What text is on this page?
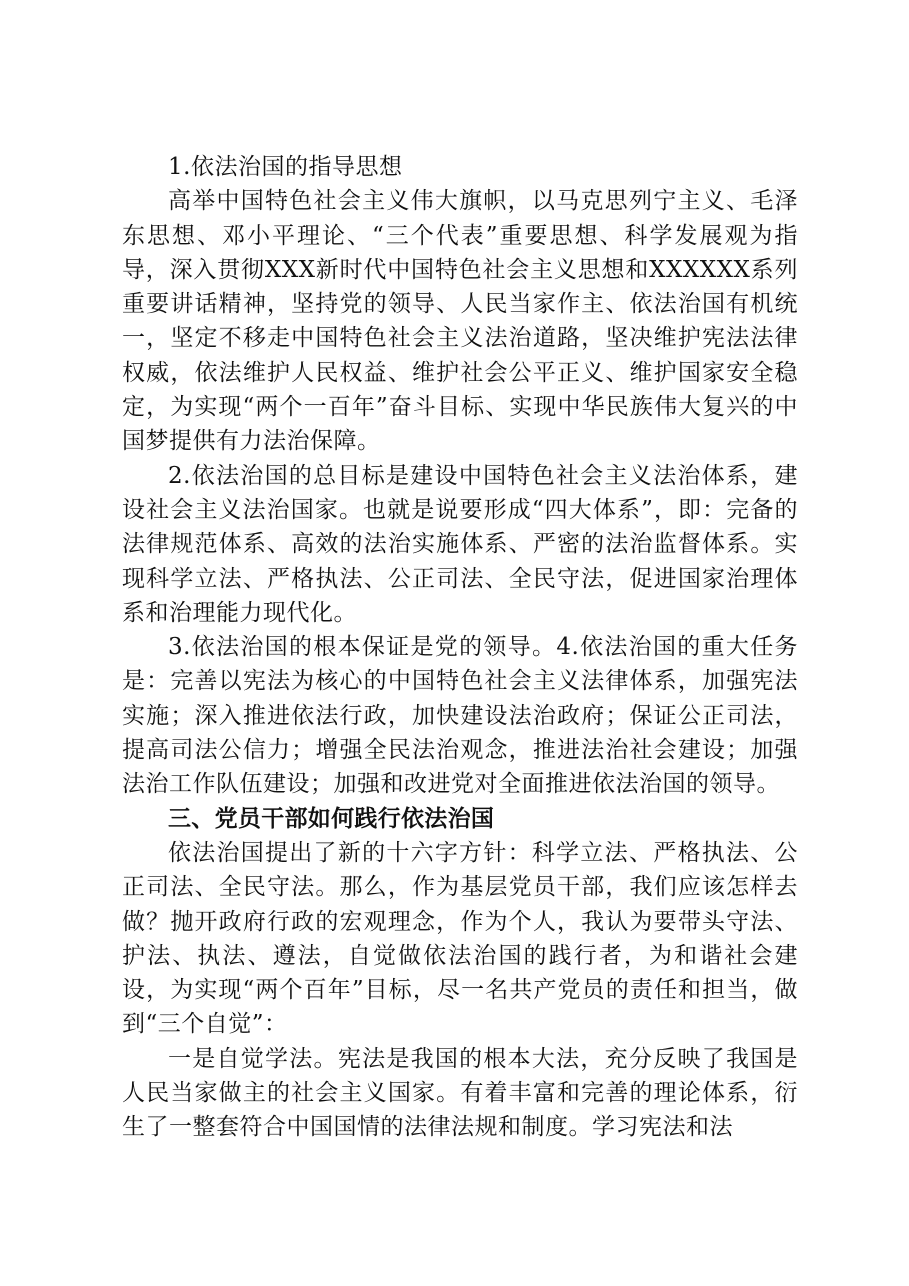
1.依法治国的指导思想

高举中国特色社会主义伟大旗帜，以马克思列宁主义、毛泽东思想、邓小平理论、“三个代表”重要思想、科学发展观为指导，深入贯彻XXX新时代中国特色社会主义思想和XXXXXX系列重要讲话精神，坚持党的领导、人民当家作主、依法治国有机统一，坚定不移走中国特色社会主义法治道路，坚决维护宪法法律权威，依法维护人民权益、维护社会公平正义、维护国家安全稳定，为实现“两个一百年”奋斗目标、实现中华民族伟大复兴的中国梦提供有力法治保障。

2.依法治国的总目标是建设中国特色社会主义法治体系，建设社会主义法治国家。也就是说要形成“四大体系”，即：完备的法律规范体系、高效的法治实施体系、严密的法治监督体系。实现科学立法、严格执法、公正司法、全民守法，促进国家治理体系和治理能力现代化。

3.依法治国的根本保证是党的领导。4.依法治国的重大任务是：完善以宪法为核心的中国特色社会主义法律体系，加强宪法实施；深入推进依法行政，加快建设法治政府；保证公正司法，提高司法公信力；增强全民法治观念，推进法治社会建设；加强法治工作队伍建设；加强和改进党对全面推进依法治国的领导。

三、党员干部如何践行依法治国

依法治国提出了新的十六字方针：科学立法、严格执法、公正司法、全民守法。那么，作为基层党员干部，我们应该怎样去做？抛开政府行政的宏观理念，作为个人，我认为要带头守法、护法、执法、遵法，自觉做依法治国的践行者，为和谐社会建设，为实现“两个百年”目标，尽一名共产党员的责任和担当，做到“三个自觉”：

一是自觉学法。宪法是我国的根本大法，充分反映了我国是人民当家做主的社会主义国家。有着丰富和完善的理论体系，衍生了一整套符合中国国情的法律法规和制度。学习宪法和法
